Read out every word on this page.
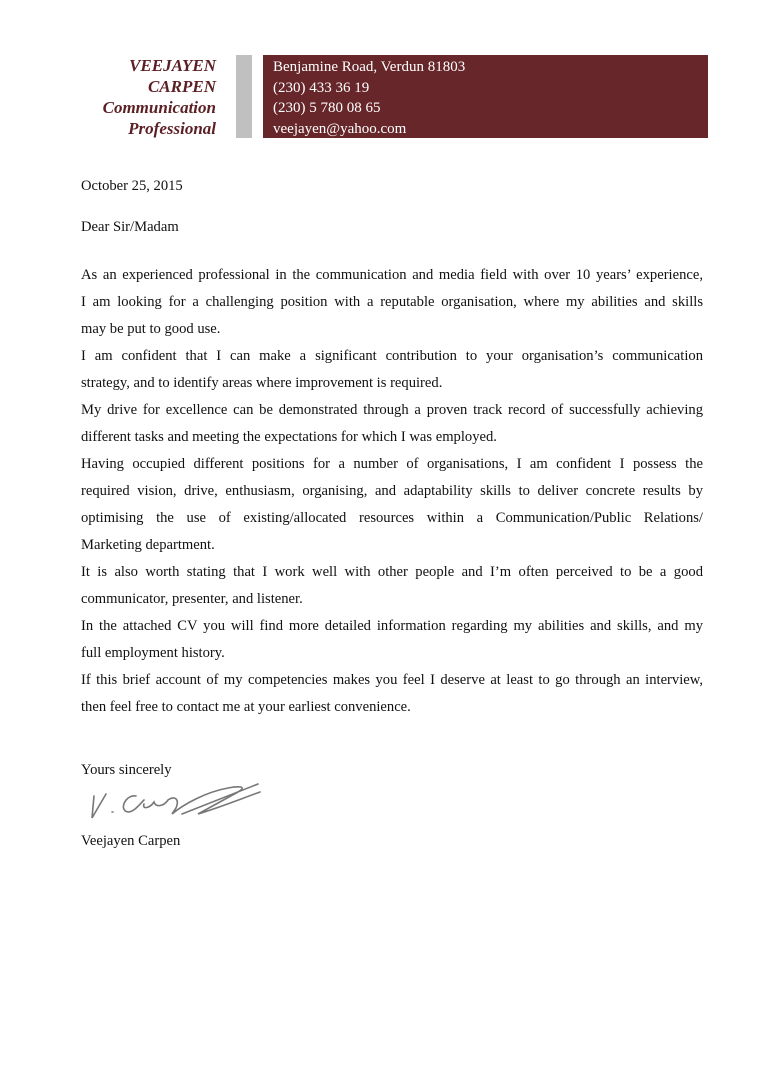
VEEJAYEN
CARPEN
Communication
Professional
Benjamine Road, Verdun 81803
(230) 433 36 19
(230) 5 780 08 65
veejayen@yahoo.com
October 25, 2015
Dear Sir/Madam
As an experienced professional in the communication and media field with over 10 years’ experience,
I am looking for a challenging position with a reputable organisation, where my abilities and skills
may be put to good use.
I am confident that I can make a significant contribution to your organisation’s communication
strategy, and to identify areas where improvement is required.
My drive for excellence can be demonstrated through a proven track record of successfully achieving
different tasks and meeting the expectations for which I was employed.
Having occupied different positions for a number of organisations, I am confident I possess the
required vision, drive, enthusiasm, organising, and adaptability skills to deliver concrete results by
optimising the use of existing/allocated resources within a Communication/Public Relations/
Marketing department.
It is also worth stating that I work well with other people and I’m often perceived to be a good
communicator, presenter, and listener.
In the attached CV you will find more detailed information regarding my abilities and skills, and my
full employment history.
If this brief account of my competencies makes you feel I deserve at least to go through an interview,
then feel free to contact me at your earliest convenience.
Yours sincerely
Veejayen Carpen
